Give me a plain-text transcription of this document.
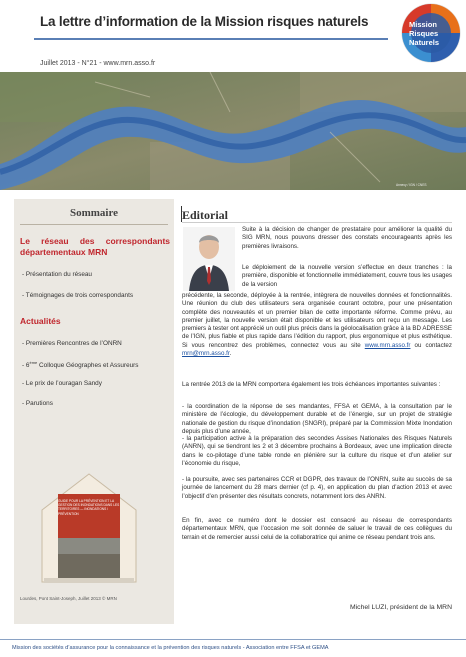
La lettre d’information de la Mission risques naturels
Juillet 2013 - N°21 - www.mrn.asso.fr
Mission
Risques
Naturels
Annecy / IGN / CNES
Sommaire
Le réseau des correspondants
départementaux MRN
- Présentation du réseau
- Témoignages de trois correspondants
Actualités
- Premières Rencontres de l’ONRN
- 6ème Colloque Géographes et Assureurs
- Le prix de l’ouragan Sandy
- Parutions
Lourdes, Pont Saint-Joseph, Juillet 2013 © MRN
GUIDE POUR LA PRÉVENTION ET LA GESTION DES INONDATIONS DANS LES TERRITOIRES — INONDATIONS / PRÉVENTION
Editorial
Suite à la décision de changer de prestataire pour améliorer la qualité du SIG MRN, nous pouvons dresser des constats encourageants après les premières livraisons.
Le déploiement de la nouvelle version s’effectue en deux tranches : la première, disponible et fonctionnelle immédiatement, couvre tous les usages de la version
précédente, la seconde, déployée à la rentrée, intègrera de nouvelles données et fonctionnalités. Une réunion du club des utilisateurs sera organisée courant octobre, pour une présentation complète des nouveautés et un premier bilan de cette importante réforme. Comme prévu, au premier juillet, la nouvelle version était disponible et les utilisateurs ont reçu un message. Les premiers à tester ont apprécié un outil plus précis dans la géolocalisation grâce à la BD ADRESSE de l’IGN, plus fiable et plus rapide dans l’édition du rapport, plus ergonomique et plus esthétique. Si vous rencontrez des problèmes, connectez vous au site www.mrn.asso.fr ou contactez mrn@mrn.asso.fr.
La rentrée 2013 de la MRN comportera également les trois échéances importantes suivantes :
- la coordination de la réponse de ses mandantes, FFSA et GEMA, à la consultation par le ministère de l’écologie, du développement durable et de l’énergie, sur un projet de stratégie nationale de gestion du risque d’inondation (SNGRI), préparé par la Commission Mixte Inondation depuis plus d’une année,
- la participation active à la préparation des secondes Assises Nationales des Risques Naturels (ANRN), qui se tiendront les 2 et 3 décembre prochains à Bordeaux, avec une implication directe dans le co-pilotage d’une table ronde en plénière sur la culture du risque et d’un atelier sur l’économie du risque,
- la poursuite, avec ses partenaires CCR et DGPR, des travaux de l’ONRN, suite au succès de sa journée de lancement du 28 mars dernier (cf p. 4), en application du plan d’action 2013 et avec l’objectif d’en présenter des résultats concrets, notamment lors des ANRN.
En fin, avec ce numéro dont le dossier est consacré au réseau de correspondants départementaux MRN, que l’occasion me soit donnée de saluer le travail de ces collègues du terrain et de remercier aussi celui de la collaboratrice qui anime ce réseau pendant trois ans.
Michel LUZI, président de la MRN
Mission des sociétés d’assurance pour la connaissance et la prévention des risques naturels - Association entre FFSA et GEMA
